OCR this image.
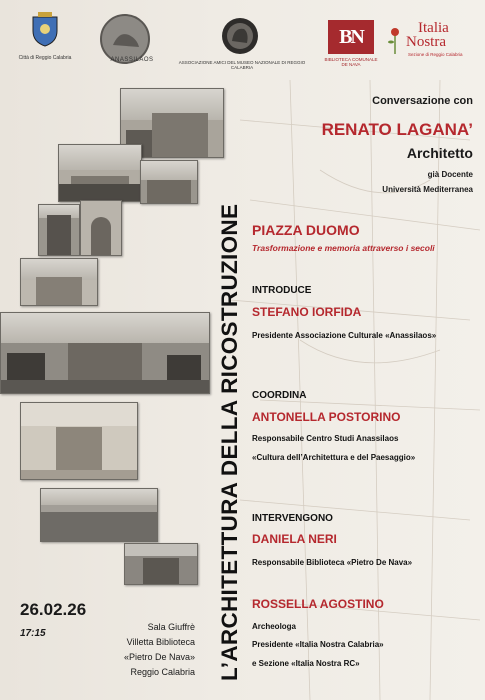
Città di Reggio Calabria	ANASSILAOS	ASSOCIAZIONE AMICI DEL MUSEO NAZIONALE DI REGGIO CALABRIA
BN
BIBLIOTECA COMUNALE DE NAVA
Italia
Nostra
Sezione di Reggio Calabria
L’ARCHITETTURA DELLA RICOSTRUZIONE
Conversazione con
RENATO LAGANA’
Architetto
già Docente
Università Mediterranea
PIAZZA DUOMO
Trasformazione e memoria attraverso i secoli
INTRODUCE
STEFANO IORFIDA
Presidente Associazione Culturale «Anassilaos»
COORDINA
ANTONELLA POSTORINO
Responsabile Centro Studi Anassilaos
«Cultura dell’Architettura e del Paesaggio»
INTERVENGONO
DANIELA NERI
Responsabile Biblioteca «Pietro De Nava»
ROSSELLA AGOSTINO
Archeologa
Presidente «Italia Nostra Calabria»
e Sezione «Italia Nostra RC»
26.02.26
17:15
Sala Giuffrè
Villetta Biblioteca
«Pietro De Nava»
Reggio Calabria
